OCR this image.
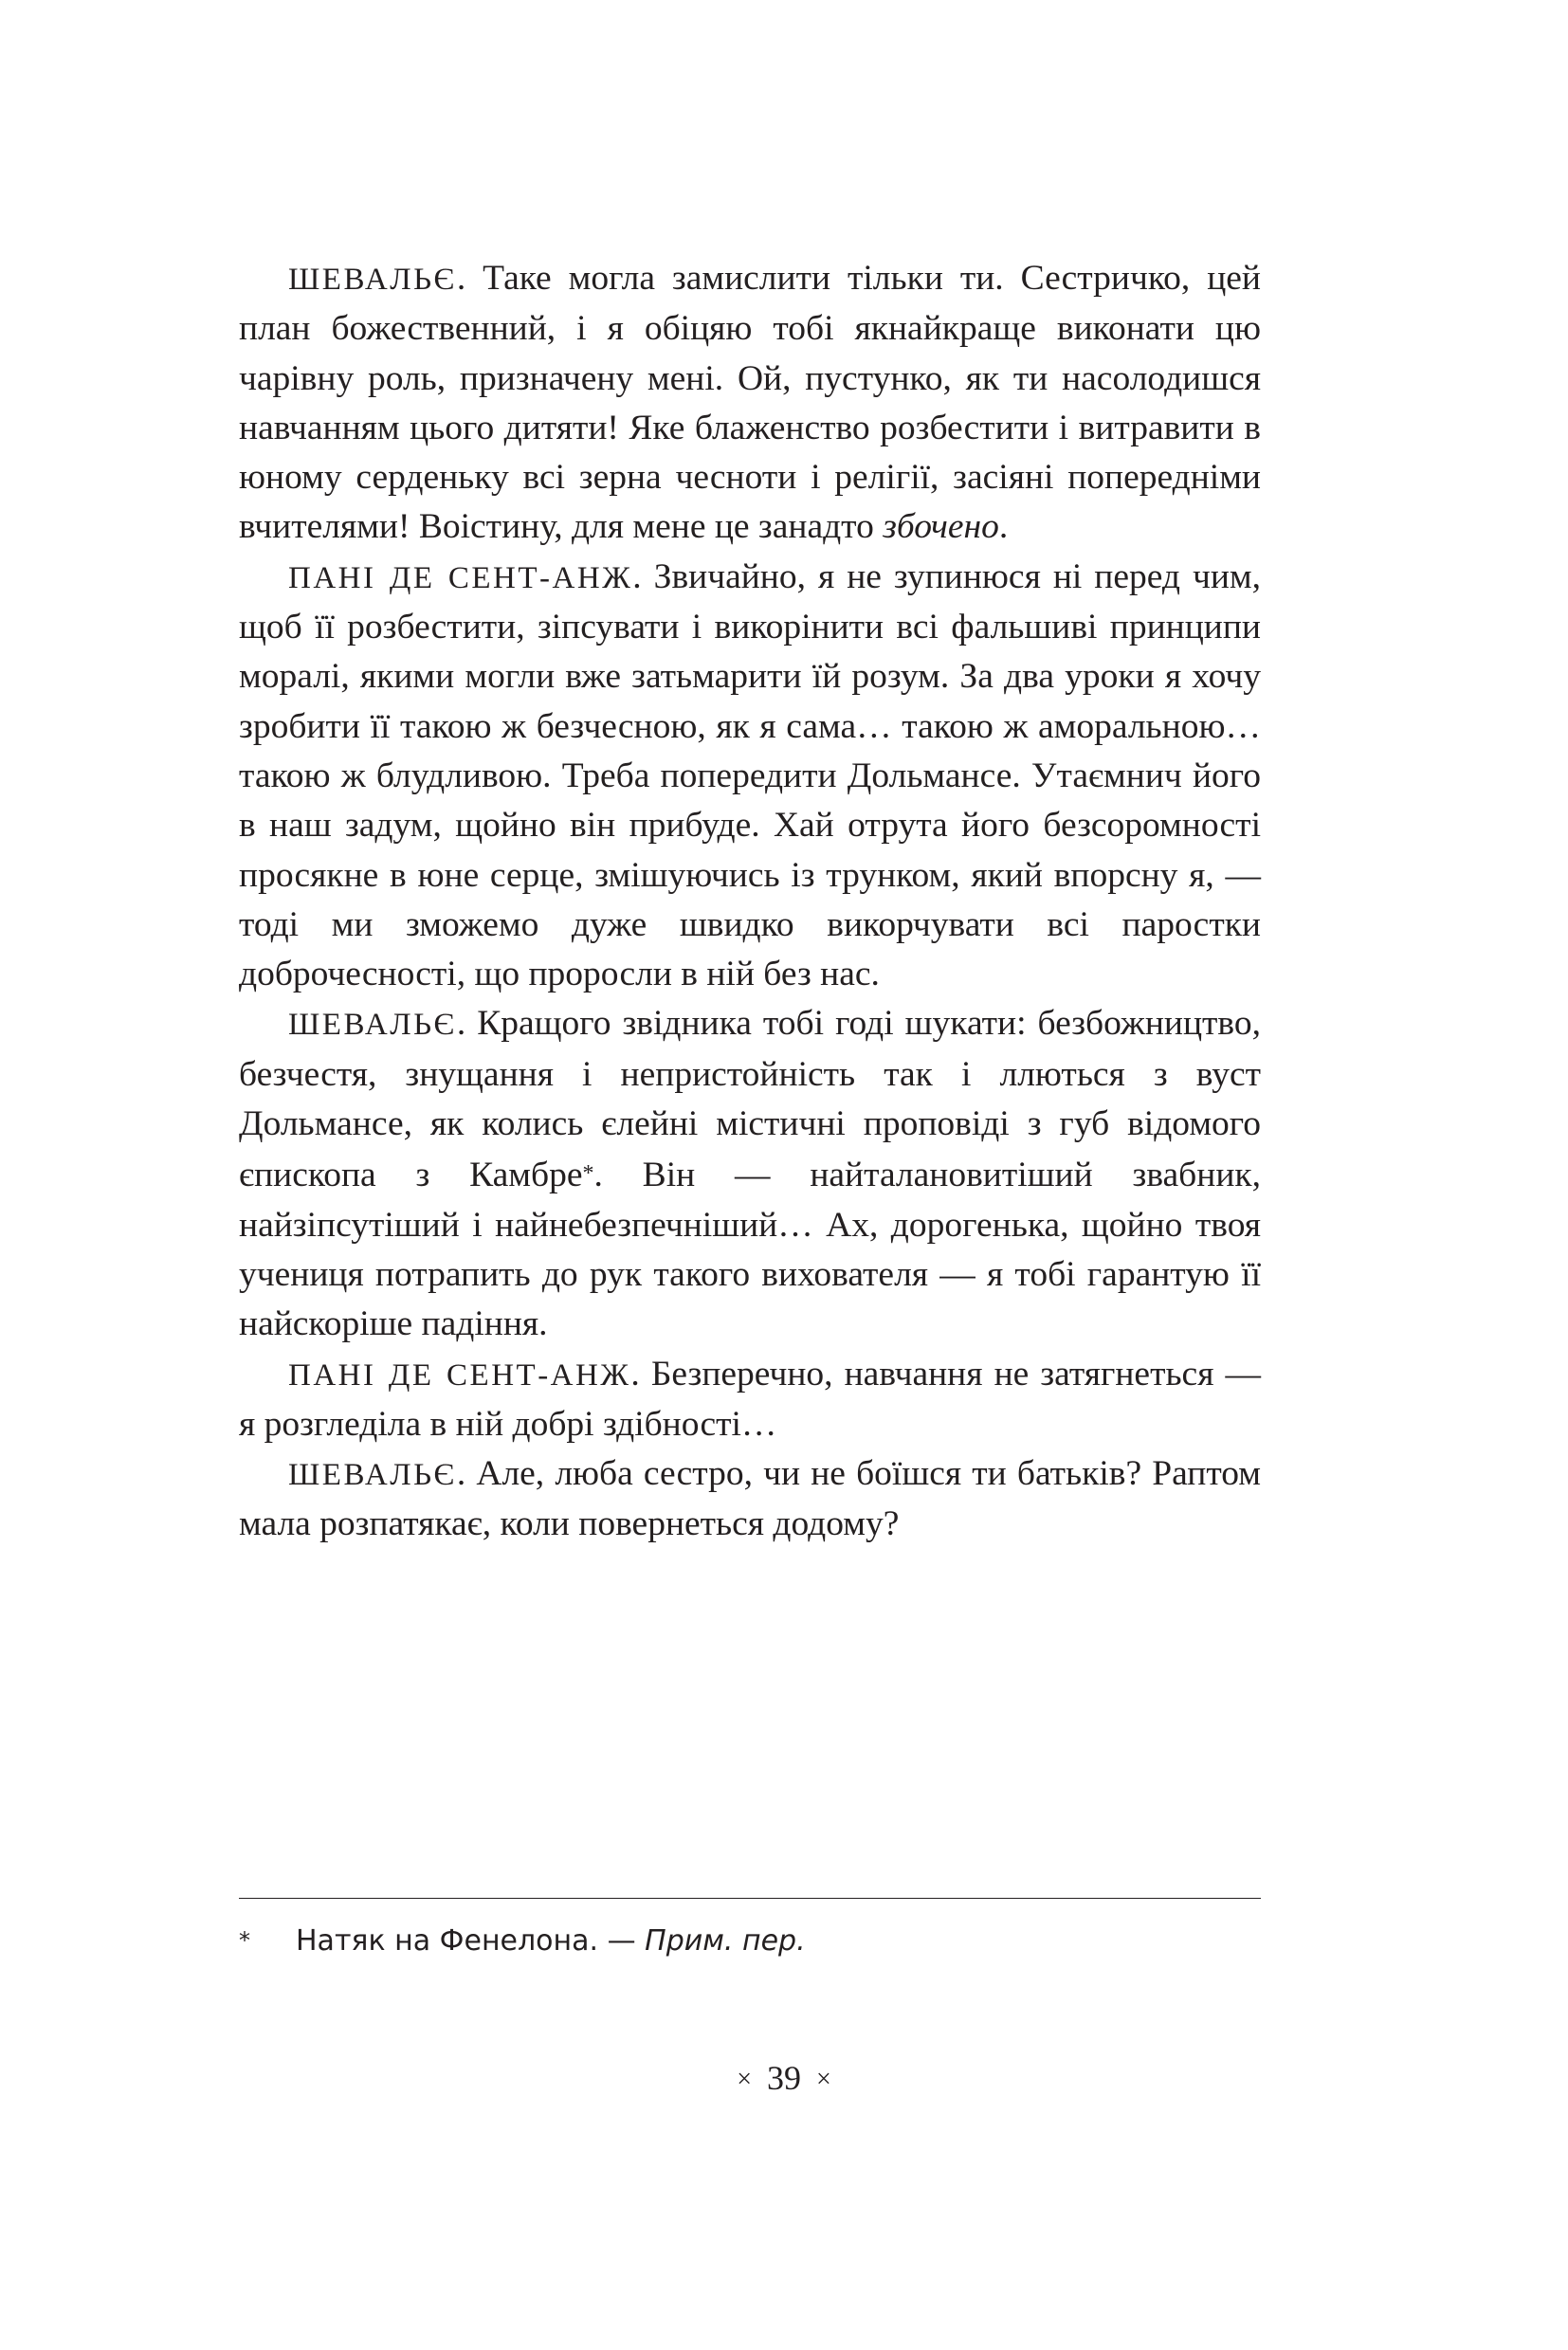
ШЕВАЛЬЄ. Таке могла замислити тільки ти. Сестричко, цей план божественний, і я обіцяю тобі якнайкраще виконати цю чарівну роль, призначену мені. Ой, пустунко, як ти насолодишся навчанням цього дитяти! Яке блаженство розбестити і витравити в юному серденьку всі зерна чесноти і релігії, засіяні попередніми вчителями! Воістину, для мене це занадто збочено.

ПАНІ ДЕ СЕНТ-АНЖ. Звичайно, я не зупинюся ні перед чим, щоб її розбестити, зіпсувати і викорінити всі фальшиві принципи моралі, якими могли вже затьмарити їй розум. За два уроки я хочу зробити її такою ж безчесною, як я сама… такою ж аморальною… такою ж блудливою. Треба попередити Дольмансе. Утаємнич його в наш задум, щойно він прибуде. Хай отрута його безсоромності просякне в юне серце, змішуючись із трунком, який впорсну я, — тоді ми зможемо дуже швидко викорчувати всі паростки доброчесності, що проросли в ній без нас.

ШЕВАЛЬЄ. Кращого звідника тобі годі шукати: безбожництво, безчестя, знущання і непристойність так і ллються з вуст Дольмансе, як колись єлейні містичні проповіді з губ відомого єпископа з Камбре*. Він — найталановитіший звабник, найзіпсутіший і найнебезпечніший… Ах, дорогенька, щойно твоя учениця потрапить до рук такого вихователя — я тобі гарантую її найскоріше падіння.

ПАНІ ДЕ СЕНТ-АНЖ. Безперечно, навчання не затягнеться — я розгледіла в ній добрі здібності…

ШЕВАЛЬЄ. Але, люба сестро, чи не боїшся ти батьків? Раптом мала розпатякає, коли повернеться додому?

* Натяк на Фенелона. — Прим. пер.
× 39 ×
